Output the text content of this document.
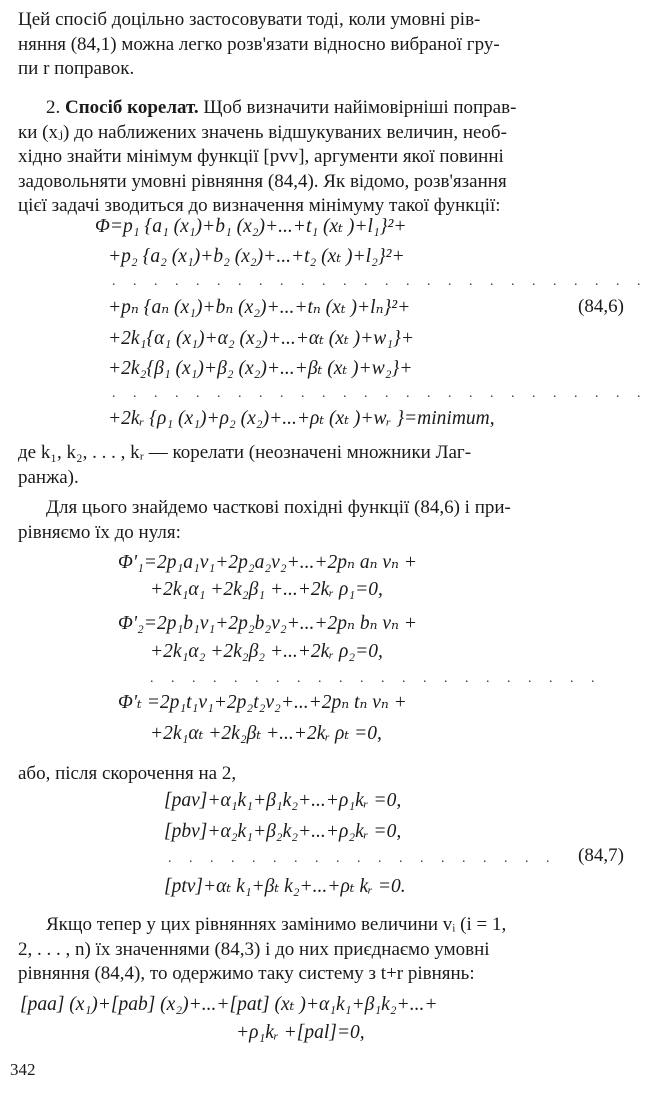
Цей спосіб доцільно застосовувати тоді, коли умовні рів-
няння (84,1) можна легко розв'язати відносно вибраної гру-
пи r поправок.
2. Спосіб корелат. Щоб визначити найімовірніші поправ-
ки (xⱼ) до наближених значень відшукуваних величин, необ-
хідно знайти мінімум функції [pvv], аргументи якої повинні
задовольняти умовні рівняння (84,4). Як відомо, розв'язання
цієї задачі зводиться до визначення мінімуму такої функції:
Φ=p₁ {a₁ (x₁)+b₁ (x₂)+...+t₁ (xₜ )+l₁}²+
+p₂ {a₂ (x₁)+b₂ (x₂)+...+t₂ (xₜ )+l₂}²+
. . . . . . . . . . . . . . . . . . . . . . . . . .
+pₙ {aₙ (x₁)+bₙ (x₂)+...+tₙ (xₜ )+lₙ}²+	(84,6)
+2k₁{α₁ (x₁)+α₂ (x₂)+...+αₜ (xₜ )+w₁}+
+2k₂{β₁ (x₁)+β₂ (x₂)+...+βₜ (xₜ )+w₂}+
. . . . . . . . . . . . . . . . . . . . . . . . . .
+2kᵣ {ρ₁ (x₁)+ρ₂ (x₂)+...+ρₜ (xₜ )+wᵣ }=minimum,
де k₁, k₂, . . . , kᵣ — корелати (неозначені множники Лаг-
ранжа).
Для цього знайдемо часткові похідні функції (84,6) і при-
рівняємо їх до нуля:
Φ'₁=2p₁a₁v₁+2p₂a₂v₂+...+2pₙ aₙ vₙ +
+2k₁α₁ +2k₂β₁ +...+2kᵣ ρ₁=0,
Φ'₂=2p₁b₁v₁+2p₂b₂v₂+...+2pₙ bₙ vₙ +
+2k₁α₂ +2k₂β₂ +...+2kᵣ ρ₂=0,
. . . . . . . . . . . . . . . . . . . . . .
Φ'ₜ =2p₁t₁v₁+2p₂t₂v₂+...+2pₙ tₙ vₙ +
+2k₁αₜ +2k₂βₜ +...+2kᵣ ρₜ =0,
або, після скорочення на 2,
[pav]+α₁k₁+β₁k₂+...+ρ₁kᵣ =0,
[pbv]+α₂k₁+β₂k₂+...+ρ₂kᵣ =0,
. . . . . . . . . . . . . . . . . . . (84,7)
[ptv]+αₜ k₁+βₜ k₂+...+ρₜ kᵣ =0.
Якщо тепер у цих рівняннях замінимо величини vᵢ (i = 1,
2, . . . , n) їх значеннями (84,3) і до них приєднаємо умовні
рівняння (84,4), то одержимо таку систему з t+r рівнянь:
[paa] (x₁)+[pab] (x₂)+...+[pat] (xₜ )+α₁k₁+β₁k₂+...+
+ρ₁kᵣ +[pal]=0,
342
